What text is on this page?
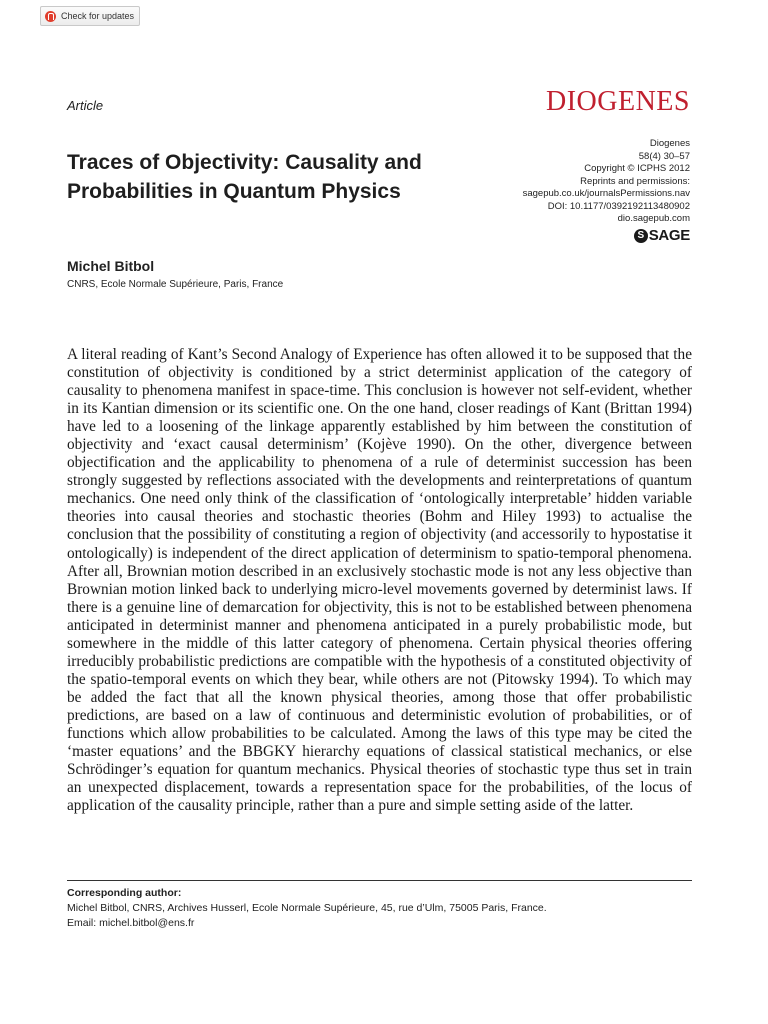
Check for updates
Article	DIOGENES
Traces of Objectivity: Causality and Probabilities in Quantum Physics
Diogenes
58(4) 30–57
Copyright © ICPHS 2012
Reprints and permissions:
sagepub.co.uk/journalsPermissions.nav
DOI: 10.1177/0392192113480902
dio.sagepub.com
S SAGE
Michel Bitbol
CNRS, Ecole Normale Supérieure, Paris, France

A literal reading of Kant’s Second Analogy of Experience has often allowed it to be supposed that the constitution of objectivity is conditioned by a strict determinist application of the category of causality to phenomena manifest in space-time. This conclusion is however not self-evident, whether in its Kantian dimension or its scientific one. On the one hand, closer readings of Kant (Brittan 1994) have led to a loosening of the linkage apparently established by him between the constitution of objectivity and ‘exact causal determinism’ (Kojève 1990). On the other, divergence between objectification and the applicability to phenomena of a rule of determinist succession has been strongly suggested by reflections associated with the developments and reinterpretations of quantum mechanics. One need only think of the classification of ‘ontologically interpretable’ hidden variable theories into causal theories and stochastic theories (Bohm and Hiley 1993) to actualise the conclusion that the possibility of constituting a region of objectivity (and accessorily to hypostatise it ontologically) is independent of the direct application of determinism to spatio-temporal phenomena. After all, Brownian motion described in an exclusively stochastic mode is not any less objective than Brownian motion linked back to underlying micro-level movements governed by determinist laws. If there is a genuine line of demarcation for objectivity, this is not to be established between phenomena anticipated in determinist manner and phenomena anticipated in a purely probabilistic mode, but somewhere in the middle of this latter category of phenomena. Certain physical theories offering irreducibly probabilistic predictions are compatible with the hypothesis of a constituted objectivity of the spatio-temporal events on which they bear, while others are not (Pitowsky 1994). To which may be added the fact that all the known physical theories, among those that offer probabilistic predictions, are based on a law of continuous and deterministic evolution of probabilities, or of functions which allow probabilities to be calculated. Among the laws of this type may be cited the ‘master equations’ and the BBGKY hierarchy equations of classical statistical mechanics, or else Schrödinger’s equation for quantum mechanics. Physical theories of stochastic type thus set in train an unexpected displacement, towards a representation space for the probabilities, of the locus of application of the causality principle, rather than a pure and simple setting aside of the latter.

Corresponding author:
Michel Bitbol, CNRS, Archives Husserl, Ecole Normale Supérieure, 45, rue d’Ulm, 75005 Paris, France.
Email: michel.bitbol@ens.fr
